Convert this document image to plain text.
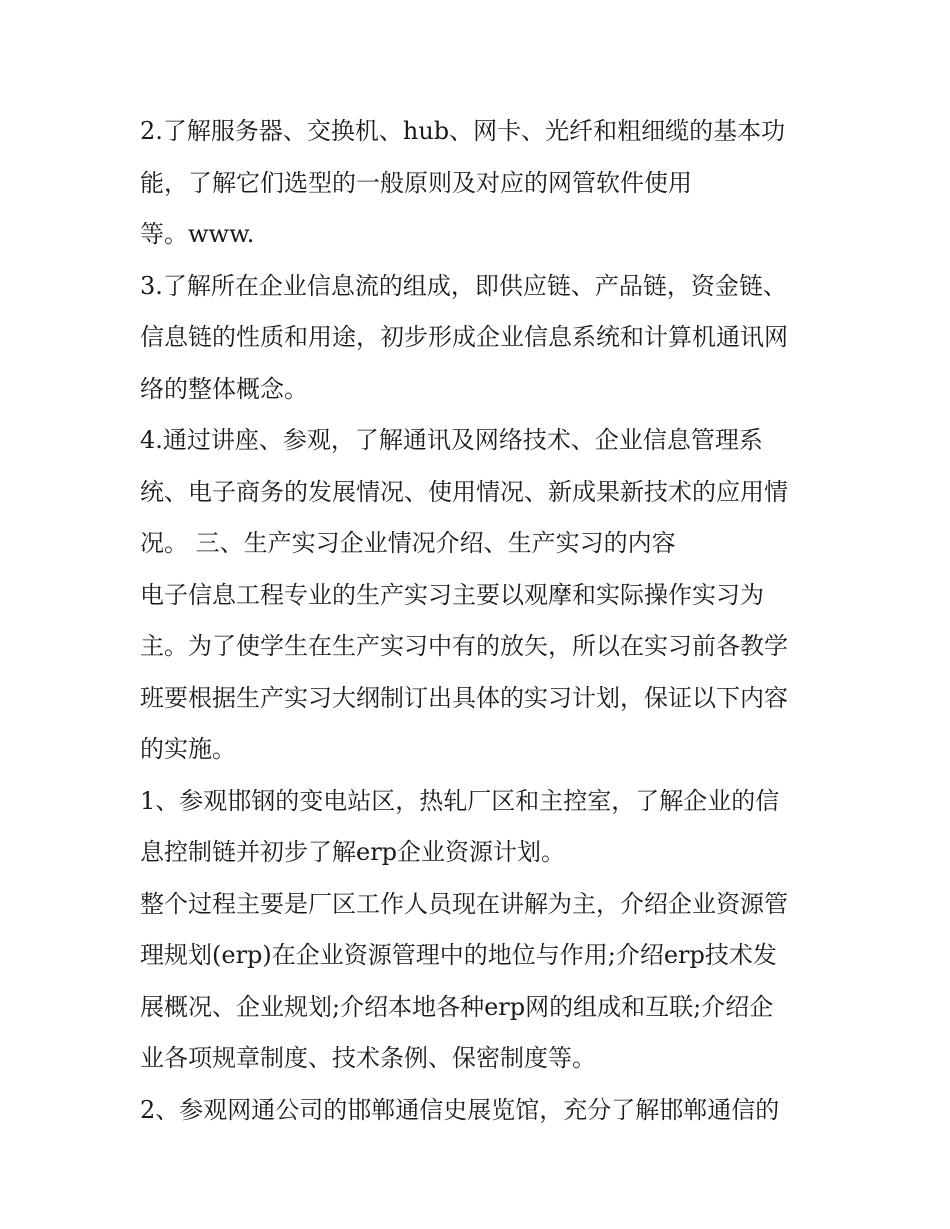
2.了解服务器、交换机、hub、网卡、光纤和粗细缆的基本功
能，了解它们选型的一般原则及对应的网管软件使用
等。www.
3.了解所在企业信息流的组成，即供应链、产品链，资金链、
信息链的性质和用途，初步形成企业信息系统和计算机通讯网
络的整体概念。
4.通过讲座、参观，了解通讯及网络技术、企业信息管理系
统、电子商务的发展情况、使用情况、新成果新技术的应用情
况。 三、生产实习企业情况介绍、生产实习的内容
电子信息工程专业的生产实习主要以观摩和实际操作实习为
主。为了使学生在生产实习中有的放矢，所以在实习前各教学
班要根据生产实习大纲制订出具体的实习计划，保证以下内容
的实施。
1、参观邯钢的变电站区，热轧厂区和主控室，了解企业的信
息控制链并初步了解erp企业资源计划。
整个过程主要是厂区工作人员现在讲解为主，介绍企业资源管
理规划(erp)在企业资源管理中的地位与作用;介绍erp技术发
展概况、企业规划;介绍本地各种erp网的组成和互联;介绍企
业各项规章制度、技术条例、保密制度等。
2、参观网通公司的邯郸通信史展览馆，充分了解邯郸通信的
